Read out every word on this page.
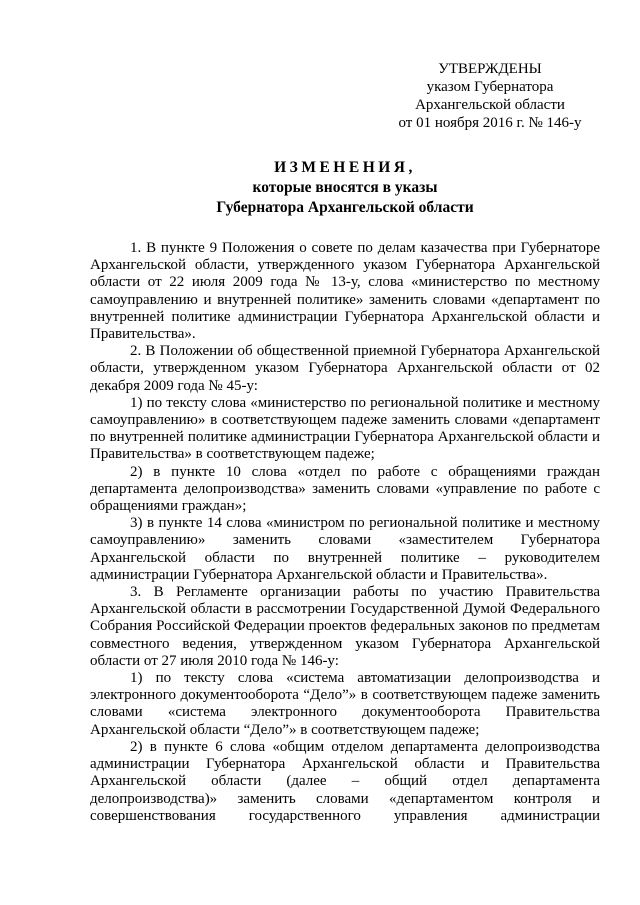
УТВЕРЖДЕНЫ
указом Губернатора
Архангельской области
от 01 ноября 2016 г. № 146-у
ИЗМЕНЕНИЯ,
которые вносятся в указы
Губернатора Архангельской области

1. В пункте 9 Положения о совете по делам казачества при Губернаторе Архангельской области, утвержденного указом Губернатора Архангельской области от 22 июля 2009 года № 13-у, слова «министерство по местному самоуправлению и внутренней политике» заменить словами «департамент по внутренней политике администрации Губернатора Архангельской области и Правительства».

2. В Положении об общественной приемной Губернатора Архангельской области, утвержденном указом Губернатора Архангельской области от 02 декабря 2009 года № 45-у:

1) по тексту слова «министерство по региональной политике и местному самоуправлению» в соответствующем падеже заменить словами «департамент по внутренней политике администрации Губернатора Архангельской области и Правительства» в соответствующем падеже;

2) в пункте 10 слова «отдел по работе с обращениями граждан департамента делопроизводства» заменить словами «управление по работе с обращениями граждан»;

3) в пункте 14 слова «министром по региональной политике и местному самоуправлению» заменить словами «заместителем Губернатора Архангельской области по внутренней политике – руководителем администрации Губернатора Архангельской области и Правительства».

3. В Регламенте организации работы по участию Правительства Архангельской области в рассмотрении Государственной Думой Федерального Собрания Российской Федерации проектов федеральных законов по предметам совместного ведения, утвержденном указом Губернатора Архангельской области от 27 июля 2010 года № 146-у:

1) по тексту слова «система автоматизации делопроизводства и электронного документооборота “Дело”» в соответствующем падеже заменить словами «система электронного документооборота Правительства Архангельской области “Дело”» в соответствующем падеже;

2) в пункте 6 слова «общим отделом департамента делопроизводства администрации Губернатора Архангельской области и Правительства Архангельской области (далее – общий отдел департамента делопроизводства)» заменить словами «департаментом контроля и совершенствования государственного управления администрации
